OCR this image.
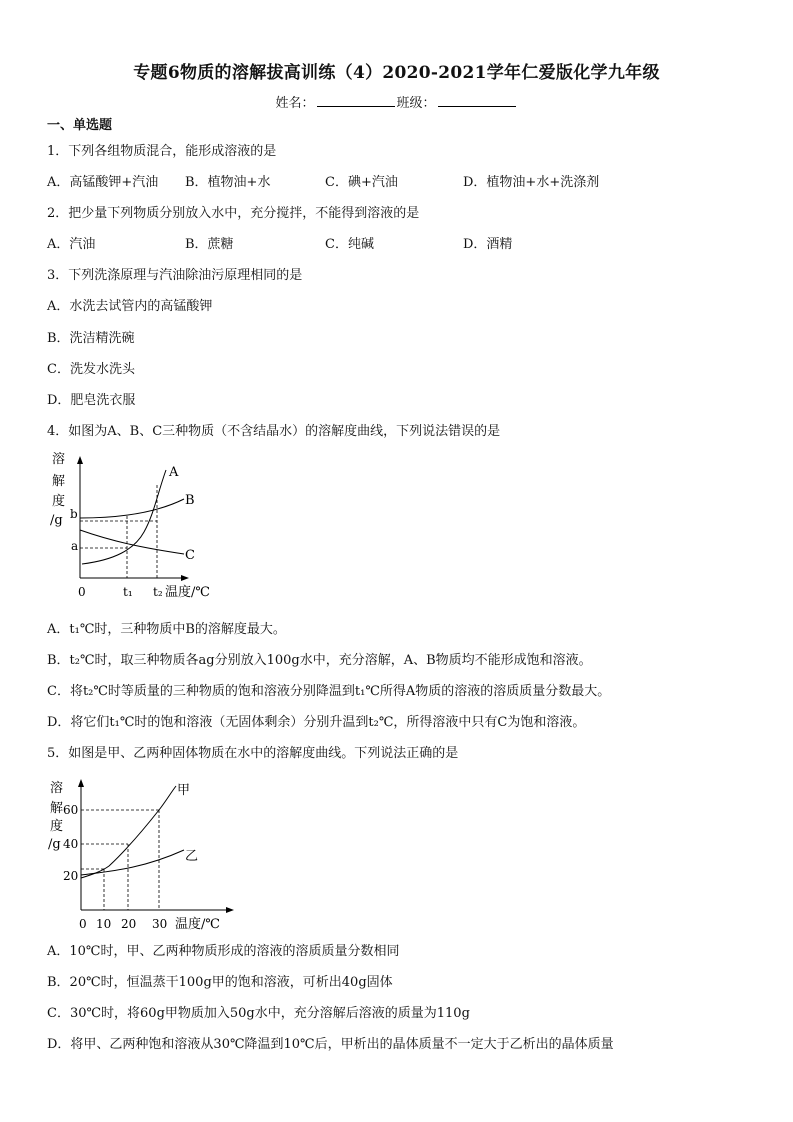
专题6物质的溶解拔高训练（4）2020-2021学年仁爱版化学九年级
姓名：	班级：
一、单选题
1．下列各组物质混合，能形成溶液的是
A．高锰酸钾+汽油 B．植物油+水	C．碘+汽油	D．植物油+水+洗涤剂
2．把少量下列物质分别放入水中，充分搅拌，不能得到溶液的是
A．汽油	B．蔗糖	C．纯碱	D．酒精
3．下列洗涤原理与汽油除油污原理相同的是
A．水洗去试管内的高锰酸钾
B．洗洁精洗碗
C．洗发水洗头
D．肥皂洗衣服
4．如图为A、B、C三种物质（不含结晶水）的溶解度曲线，下列说法错误的是
溶
解
度
/g b
a
0	t₁ t₂ 温度/℃
A
B
C
A．t₁℃时，三种物质中B的溶解度最大。
B．t₂℃时，取三种物质各ag分别放入100g水中，充分溶解，A、B物质均不能形成饱和溶液。
C．将t₂℃时等质量的三种物质的饱和溶液分别降温到t₁℃所得A物质的溶液的溶质质量分数最大。
D．将它们t₁℃时的饱和溶液（无固体剩余）分别升温到t₂℃，所得溶液中只有C为饱和溶液。
5．如图是甲、乙两种固体物质在水中的溶解度曲线。下列说法正确的是
溶
解
度
/g
60
40
20
0 10 20 30 温度/℃
甲
乙
A．10℃时，甲、乙两种物质形成的溶液的溶质质量分数相同
B．20℃时，恒温蒸干100g甲的饱和溶液，可析出40g固体
C．30℃时，将60g甲物质加入50g水中，充分溶解后溶液的质量为110g
D．将甲、乙两种饱和溶液从30℃降温到10℃后，甲析出的晶体质量不一定大于乙析出的晶体质量
